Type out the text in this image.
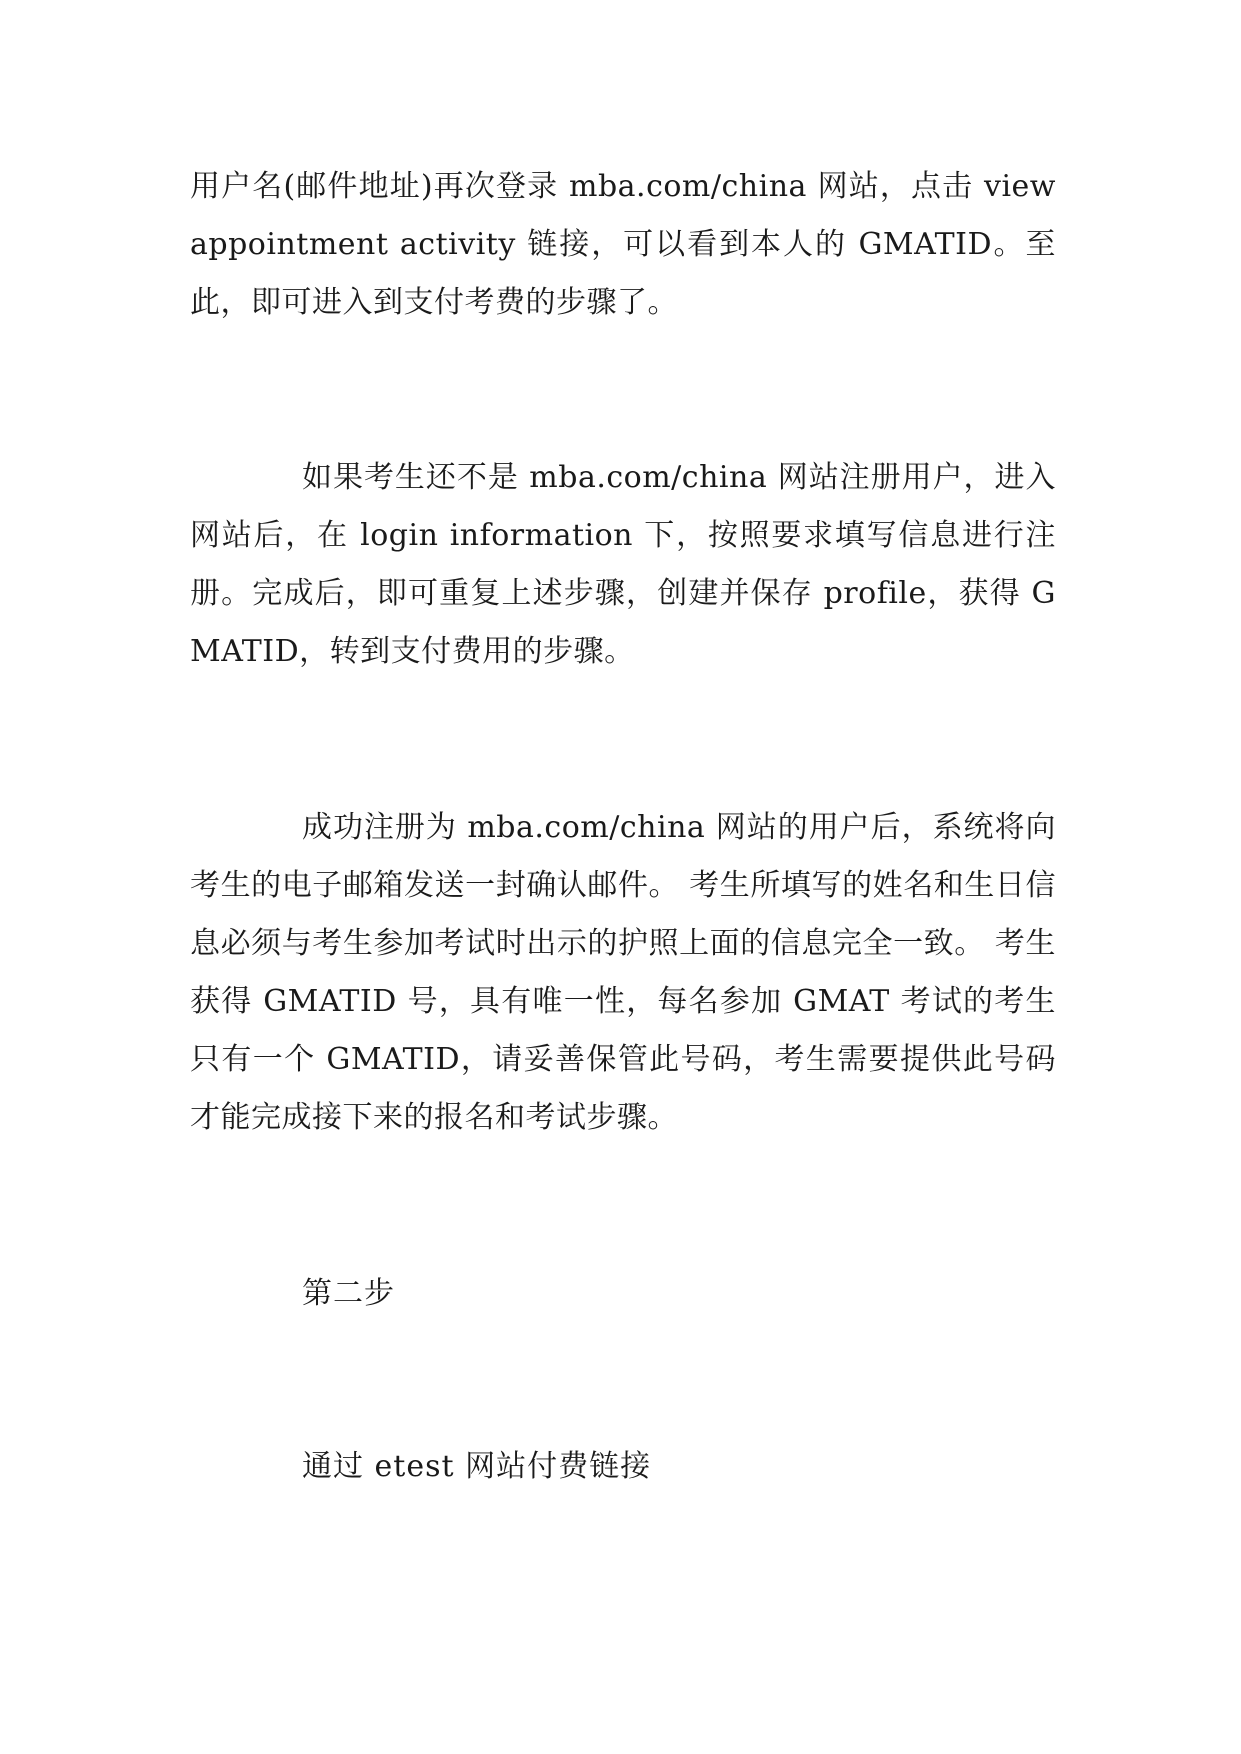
用户名(邮件地址)再次登录 mba.com/china 网站，点击 view appointment activity 链接，可以看到本人的 GMATID。至此，即可进入到支付考费的步骤了。

如果考生还不是 mba.com/china 网站注册用户，进入网站后，在 login information 下，按照要求填写信息进行注册。完成后，即可重复上述步骤，创建并保存 profile，获得 GMATID，转到支付费用的步骤。

成功注册为 mba.com/china 网站的用户后，系统将向考生的电子邮箱发送一封确认邮件。 考生所填写的姓名和生日信息必须与考生参加考试时出示的护照上面的信息完全一致。 考生获得 GMATID 号，具有唯一性，每名参加 GMAT 考试的考生只有一个 GMATID，请妥善保管此号码，考生需要提供此号码才能完成接下来的报名和考试步骤。

第二步

通过 etest 网站付费链接
